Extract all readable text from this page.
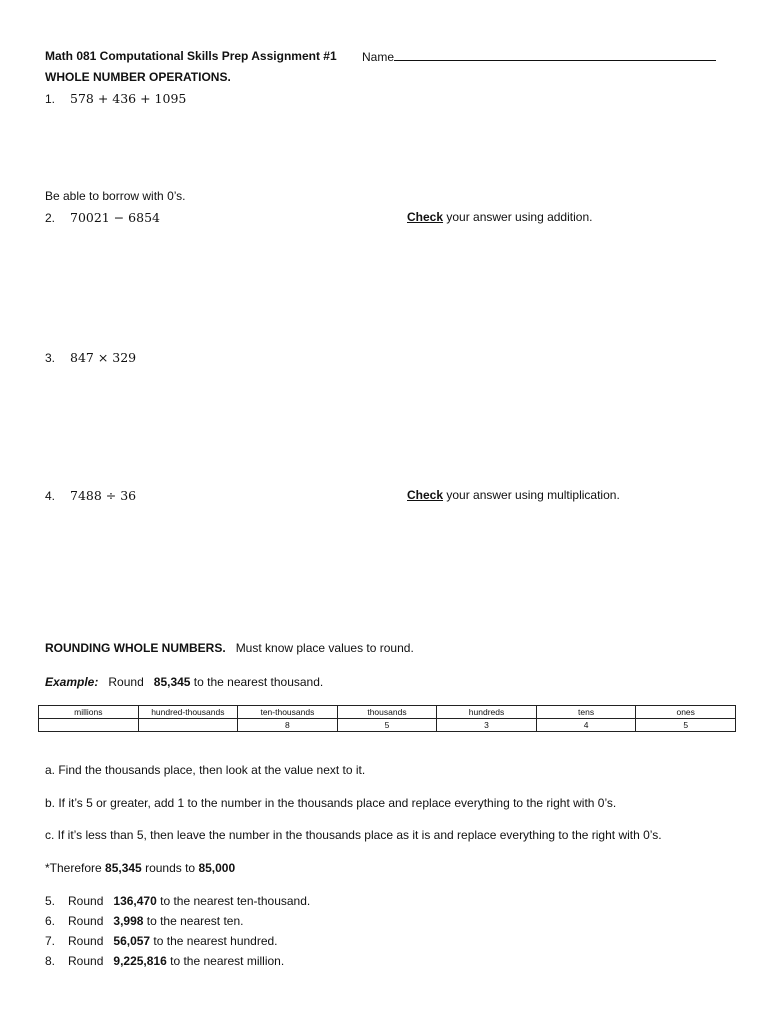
Math 081 Computational Skills Prep Assignment #1 Name
WHOLE NUMBER OPERATIONS.
1. 578 + 436 + 1095
Be able to borrow with 0’s.
2. 70021 − 6854	Check your answer using addition.
3. 847 × 329
4. 7488 ÷ 36	Check your answer using multiplication.
ROUNDING WHOLE NUMBERS. Must know place values to round.
Example: Round 85,345 to the nearest thousand.
millions	hundred-thousands	ten-thousands	thousands	hundreds	tens	ones
		8	5	3	4	5
a. Find the thousands place, then look at the value next to it.
b. If it’s 5 or greater, add 1 to the number in the thousands place and replace everything to the right with 0’s.
c. If it’s less than 5, then leave the number in the thousands place as it is and replace everything to the right with 0’s.
*Therefore 85,345 rounds to 85,000
5. Round 136,470 to the nearest ten-thousand.
6. Round 3,998 to the nearest ten.
7. Round 56,057 to the nearest hundred.
8. Round 9,225,816 to the nearest million.
